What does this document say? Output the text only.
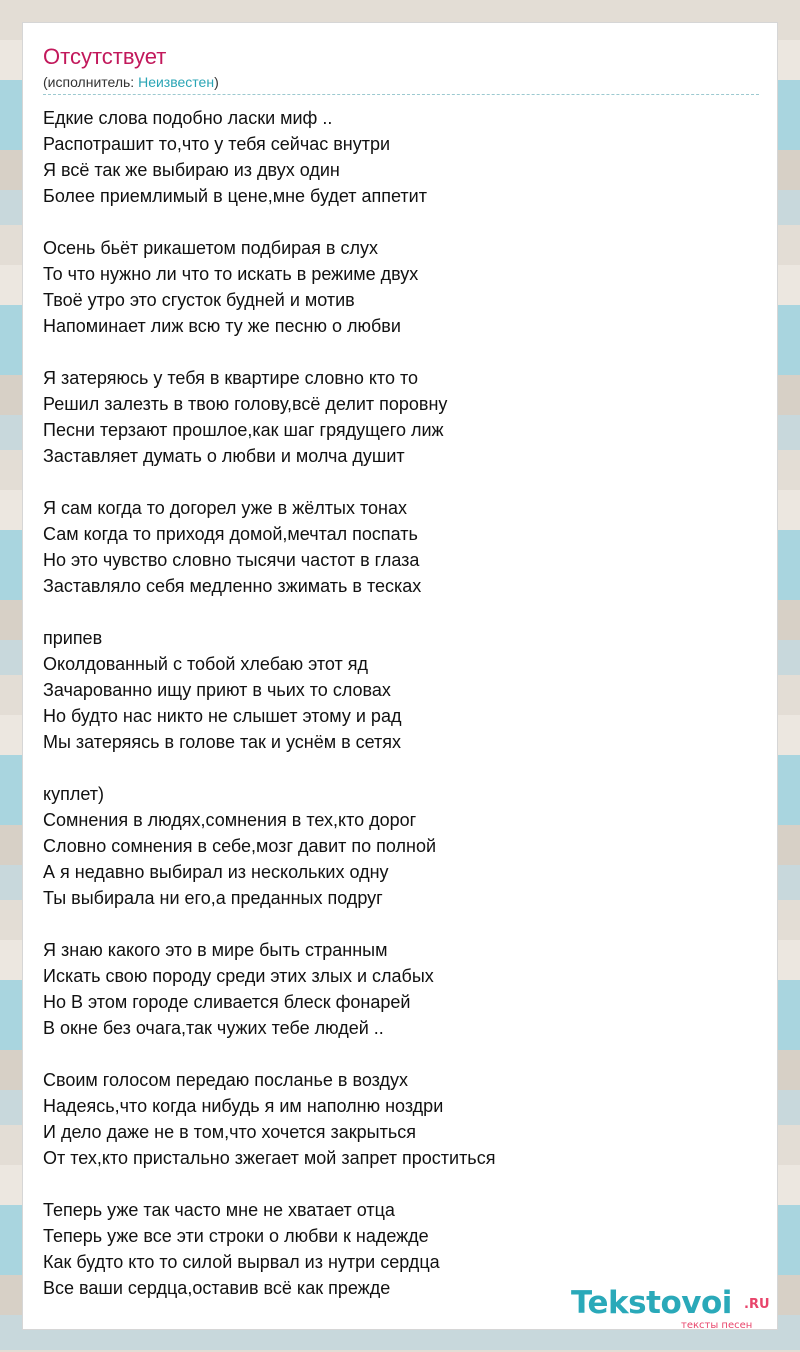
Отсутствует
(исполнитель: Неизвестен)
Едкие слова подобно ласки миф ..
Распотрашит то,что у тебя сейчас внутри
Я всё так же выбираю из двух один
Более приемлимый в цене,мне будет аппетит
Осень бьёт рикашетом подбирая в слух
То что нужно ли что то искать в режиме двух
Твоё утро это сгусток будней и мотив
Напоминает лиж всю ту же песню о любви
Я затеряюсь у тебя в квартире словно кто то
Решил залезть в твою голову,всё делит поровну
Песни терзают прошлое,как шаг грядущего лиж
Заставляет думать о любви и молча душит
Я сам когда то догорел уже в жёлтых тонах
Сам когда то приходя домой,мечтал поспать
Но это чувство словно тысячи частот в глаза
Заставляло себя медленно зжимать в тесках
припев
Околдованный с тобой хлебаю этот яд
Зачарованно ищу приют в чьих то словах
Но будто нас никто не слышет этому и рад
Мы затеряясь в голове так и уснём в сетях
куплет)
Сомнения в людях,сомнения в тех,кто дорог
Словно сомнения в себе,мозг давит по полной
А я недавно выбирал из нескольких одну
Ты выбирала ни его,а преданных подруг
Я знаю какого это в мире быть странным
Искать свою породу среди этих злых и слабых
Но В этом городе сливается блеск фонарей
В окне без очага,так чужих тебе людей ..
Своим голосом передаю посланье в воздух
Надеясь,что когда нибудь я им наполню ноздри
И дело даже не в том,что хочется закрыться
От тех,кто пристально зжегает мой запрет проститься
Теперь уже так часто мне не хватает отца
Теперь уже все эти строки о любви к надежде
Как будто кто то силой вырвал из нутри сердца
Все ваши сердца,оставив всё как прежде	Tekstovoi .RU
тексты песен
